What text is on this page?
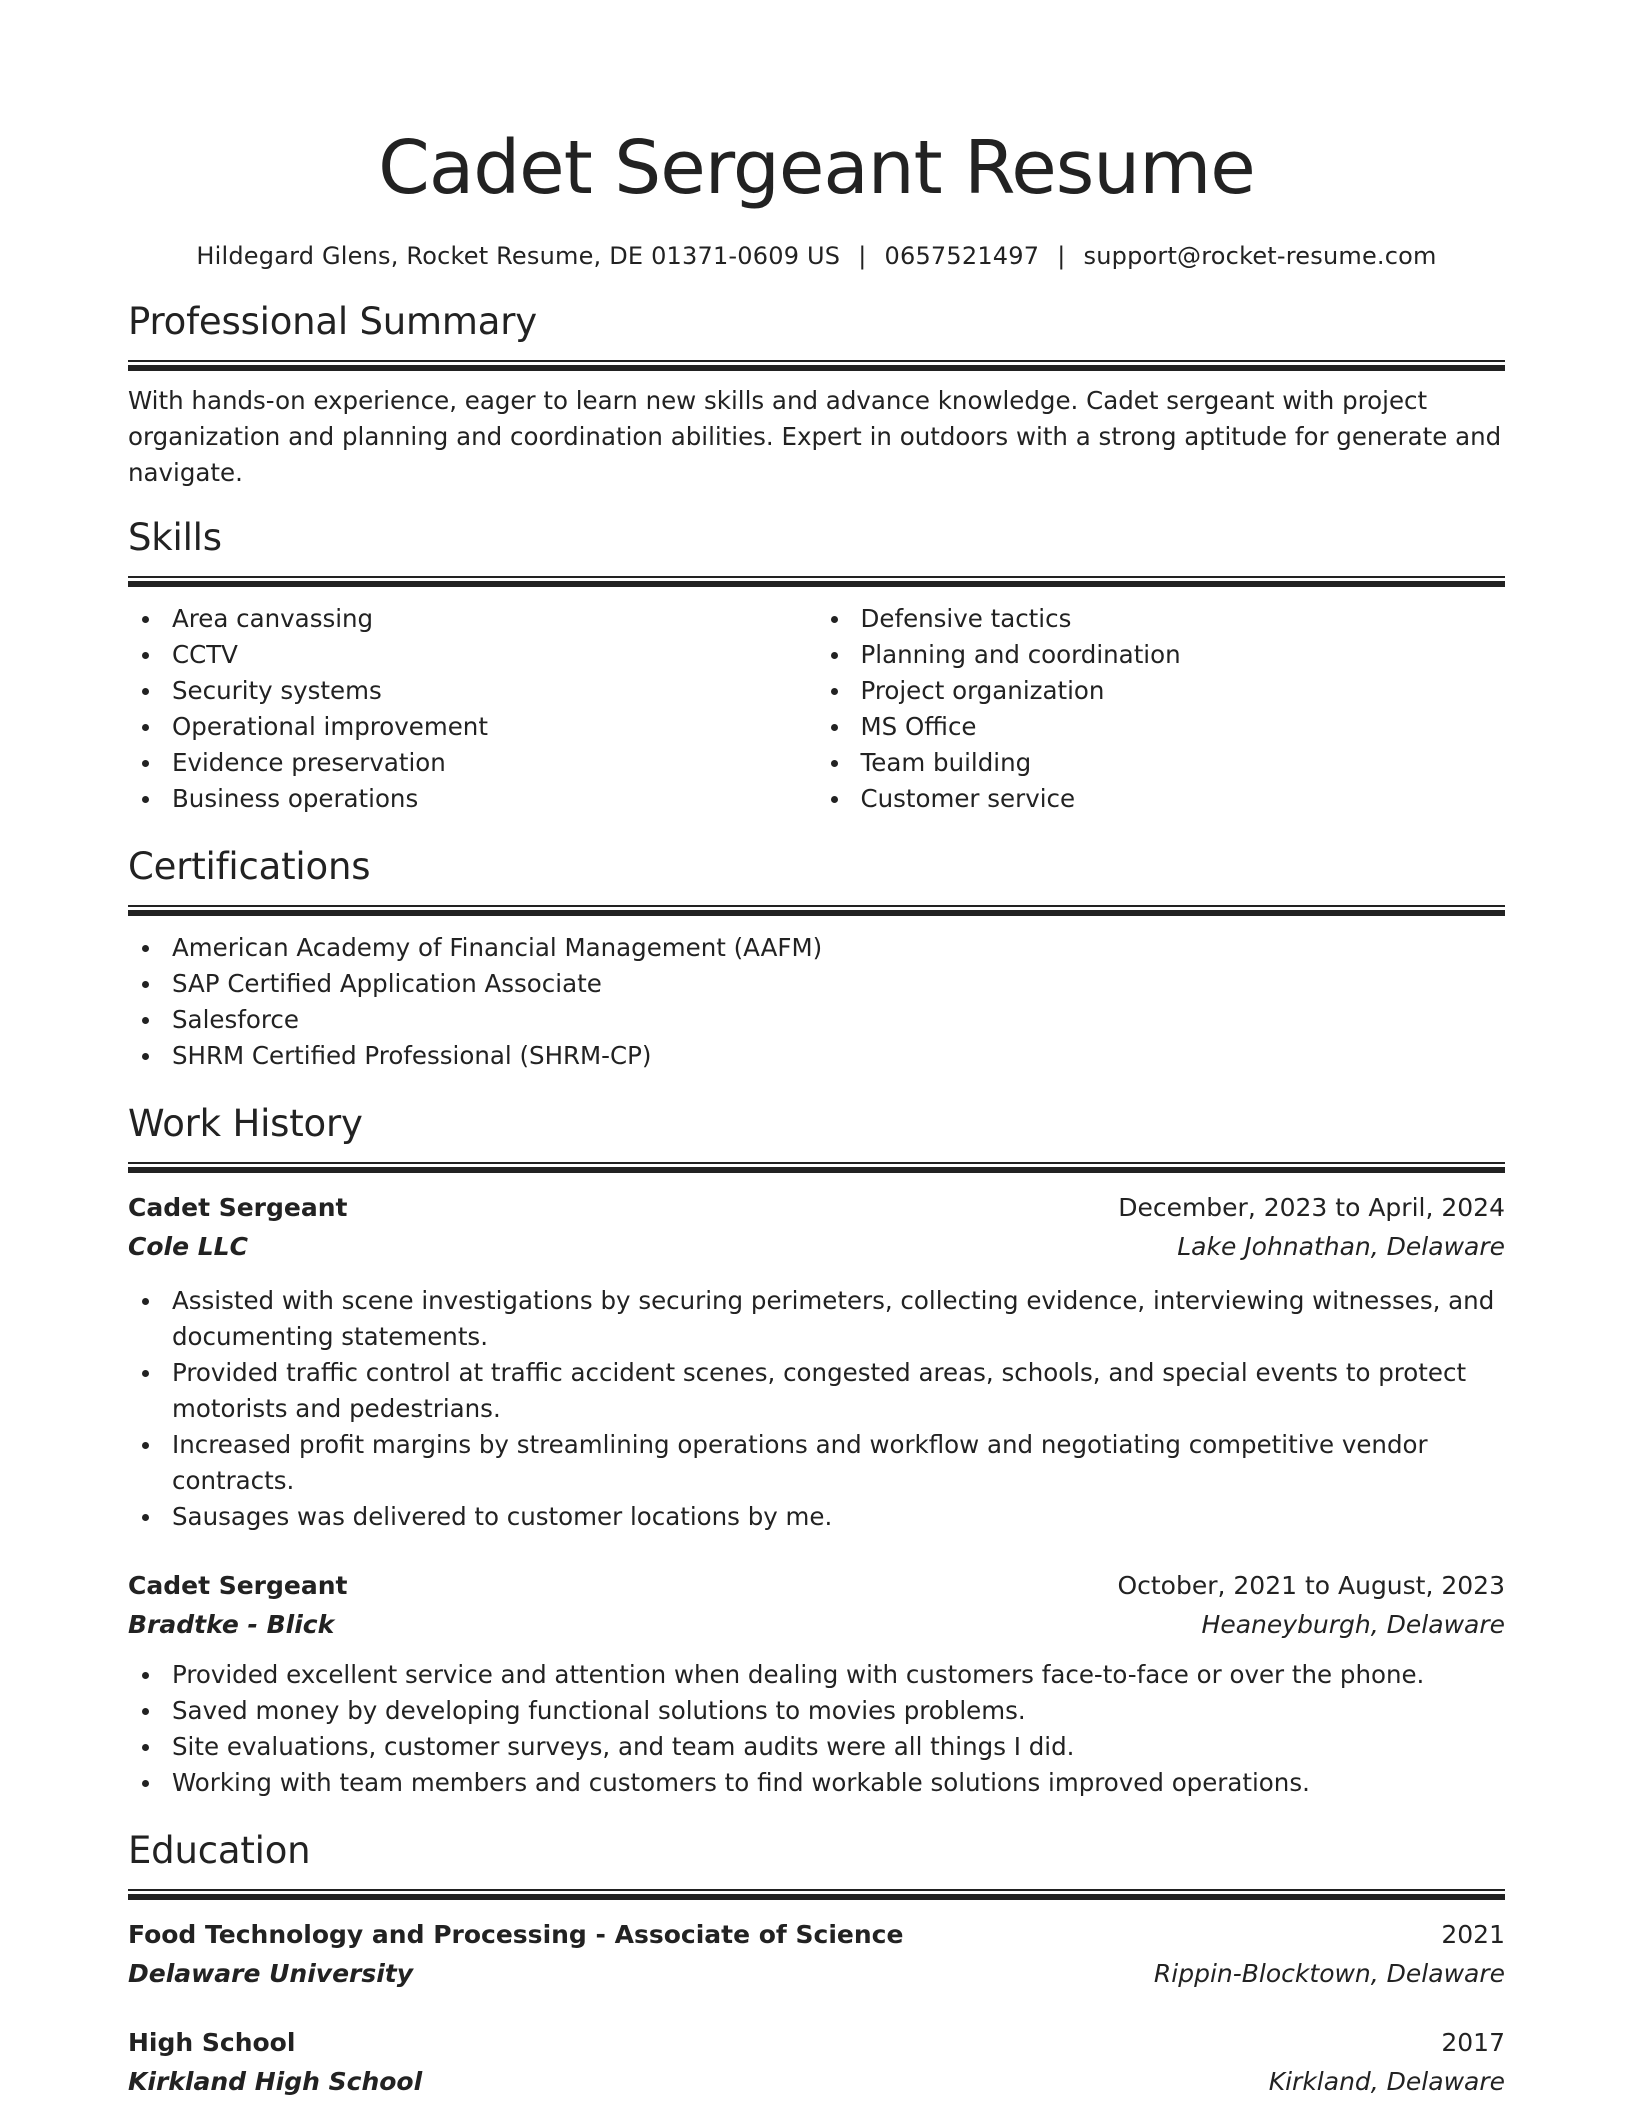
Cadet Sergeant Resume
Hildegard Glens, Rocket Resume, DE 01371-0609 US | 0657521497 | support@rocket-resume.com
Professional Summary

With hands-on experience, eager to learn new skills and advance knowledge. Cadet sergeant with project organization and planning and coordination abilities. Expert in outdoors with a strong aptitude for generate and navigate.

Skills
Area canvassing
CCTV
Security systems
Operational improvement
Evidence preservation
Business operations
Defensive tactics
Planning and coordination
Project organization
MS Office
Team building
Customer service
Certifications
American Academy of Financial Management (AAFM)
SAP Certified Application Associate
Salesforce
SHRM Certified Professional (SHRM-CP)
Work History
Cadet Sergeant	December, 2023 to April, 2024
Cole LLC	Lake Johnathan, Delaware
Assisted with scene investigations by securing perimeters, collecting evidence, interviewing witnesses, and documenting statements.
Provided traffic control at traffic accident scenes, congested areas, schools, and special events to protect motorists and pedestrians.
Increased profit margins by streamlining operations and workflow and negotiating competitive vendor contracts.
Sausages was delivered to customer locations by me.
Cadet Sergeant	October, 2021 to August, 2023
Bradtke - Blick	Heaneyburgh, Delaware
Provided excellent service and attention when dealing with customers face-to-face or over the phone.
Saved money by developing functional solutions to movies problems.
Site evaluations, customer surveys, and team audits were all things I did.
Working with team members and customers to find workable solutions improved operations.
Education
Food Technology and Processing - Associate of Science	2021
Delaware University	Rippin-Blocktown, Delaware
High School	2017
Kirkland High School	Kirkland, Delaware
